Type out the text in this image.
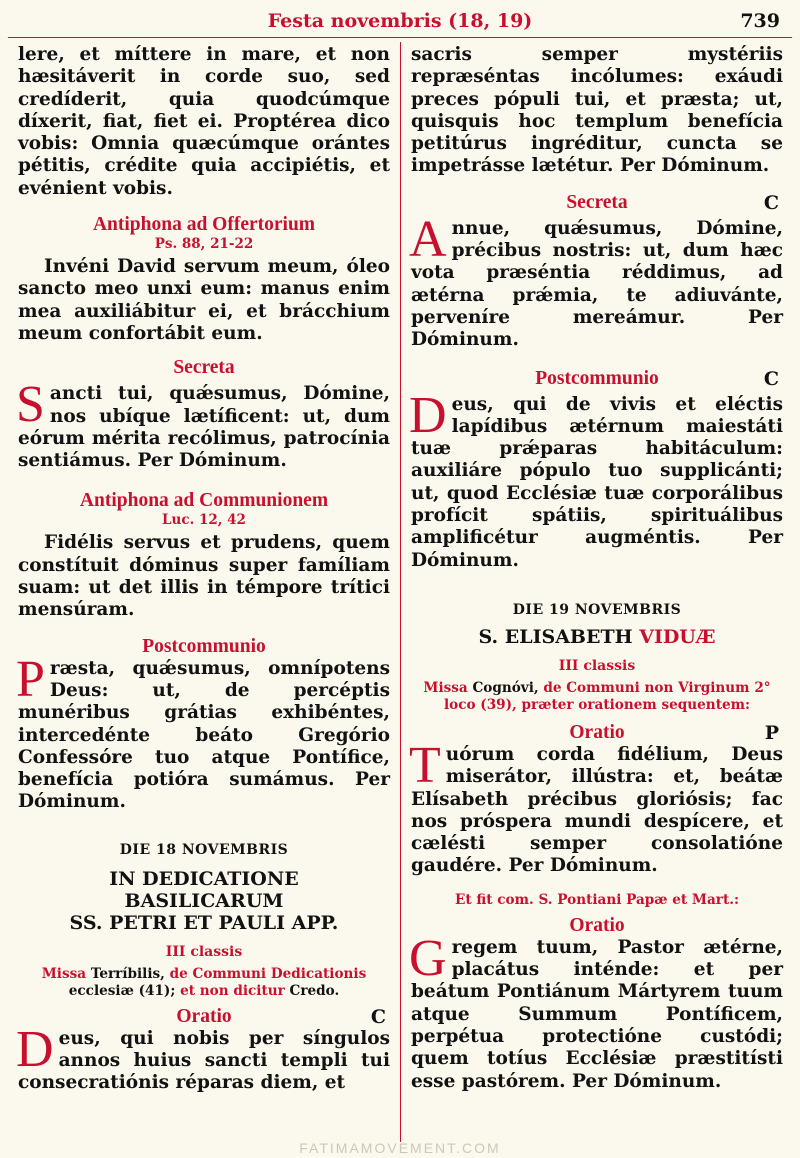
Festa novembris (18, 19)	739

lere, et míttere in mare, et non hæsitáverit in corde suo, sed credíderit, quia quodcúmque díxerit, fiat, fiet ei. Proptérea dico vobis: Omnia quæcúmque orántes pétitis, crédite quia accipiétis, et evénient vobis.

Antiphona ad Offertorium
Ps. 88, 21-22

Invéni David servum meum, óleo sancto meo unxi eum: manus enim mea auxiliábitur ei, et brácchium meum confortábit eum.

Secreta

Sancti tui, quǽsumus, Dómine, nos ubíque lætíficent: ut, dum eórum mérita recólimus, patrocínia sentiámus. Per Dóminum.

Antiphona ad Communionem
Luc. 12, 42

Fidélis servus et prudens, quem constítuit dóminus super famíliam suam: ut det illis in témpore trítici mensúram.

Postcommunio

Præsta, quǽsumus, omnípotens Deus: ut, de percéptis munéribus grátias exhibéntes, intercedénte beáto Gregório Confessóre tuo atque Pontífice, benefícia potióra sumámus. Per Dóminum.

DIE 18 NOVEMBRIS
IN DEDICATIONE
BASILICARUM
SS. PETRI ET PAULI APP.
III classis
Missa Terríbilis, de Communi Dedicationis ecclesiæ (41); et non dicitur Credo.
Oratio	C

Deus, qui nobis per síngulos annos huius sancti templi tui consecratiónis réparas diem, et

sacris semper mystériis repræséntas incólumes: exáudi preces pópuli tui, et præsta; ut, quisquis hoc templum benefícia petitúrus ingréditur, cuncta se impetrásse lætétur. Per Dóminum.

Secreta	C

Annue, quǽsumus, Dómine, précibus nostris: ut, dum hæc vota præséntia réddimus, ad ætérna prǽmia, te adiuvánte, perveníre mereámur. Per Dóminum.

Postcommunio	C

Deus, qui de vivis et eléctis lapídibus ætérnum maiestáti tuæ prǽparas habitáculum: auxiliáre pópulo tuo supplicánti; ut, quod Ecclésiæ tuæ corporálibus profícit spátiis, spirituálibus amplificétur augméntis. Per Dóminum.

DIE 19 NOVEMBRIS
S. ELISABETH VIDUÆ
III classis
Missa Cognóvi, de Communi non Virginum 2° loco (39), præter orationem sequentem:
Oratio	P

Tuórum corda fidélium, Deus miserátor, illústra: et, beátæ Elísabeth précibus gloriósis; fac nos próspera mundi despícere, et cælésti semper consolatióne gaudére. Per Dóminum.

Et fit com. S. Pontiani Papæ et Mart.:
Oratio

Gregem tuum, Pastor ætérne, placátus inténde: et per beátum Pontiánum Mártyrem tuum atque Summum Pontíficem, perpétua protectióne custódi; quem totíus Ecclésiæ præstitísti esse pastórem. Per Dóminum.

FATIMAMOVEMENT.COM
